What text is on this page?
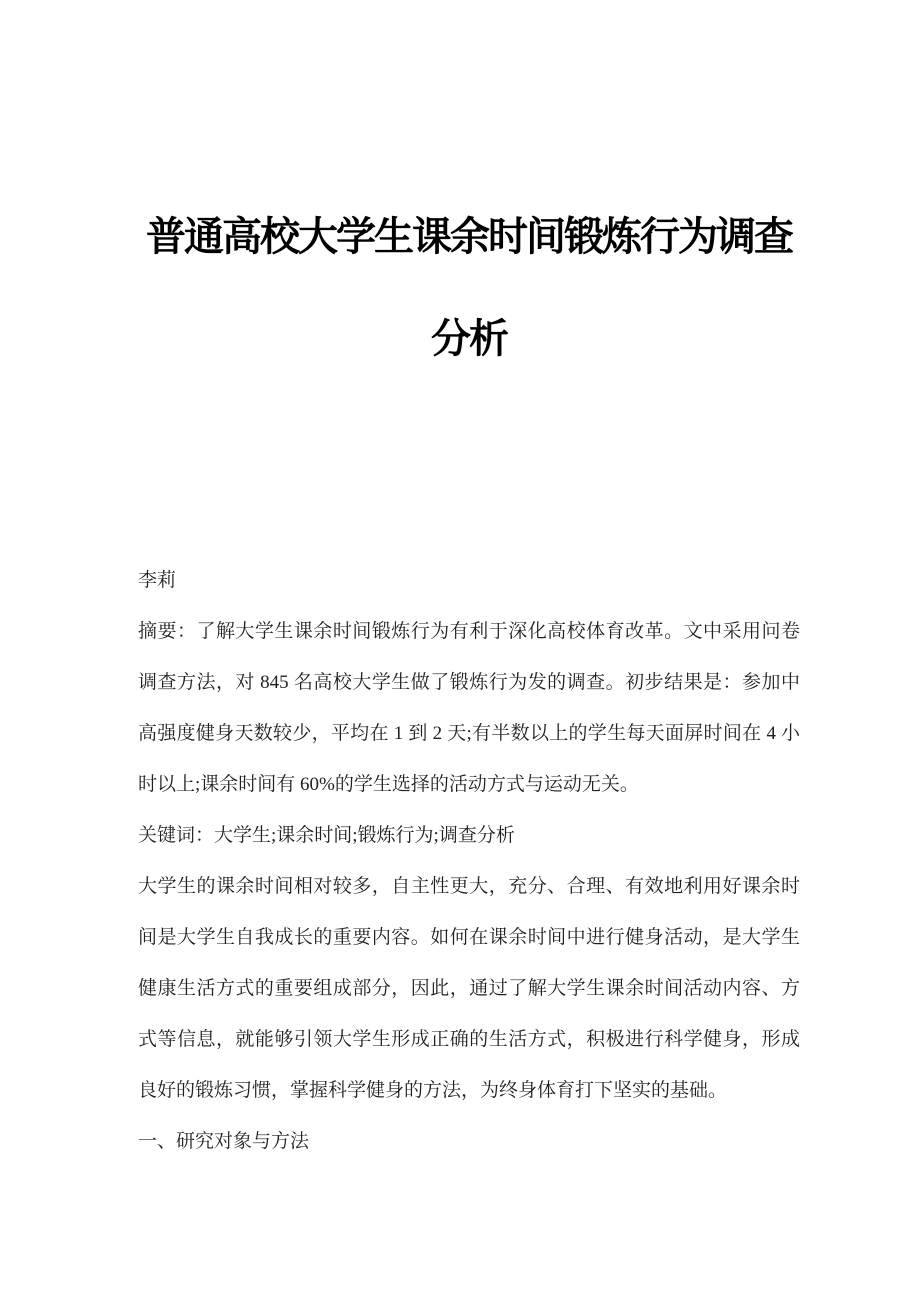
普通高校大学生课余时间锻炼行为调查分析

李莉

摘要：了解大学生课余时间锻炼行为有利于深化高校体育改革。文中采用问卷调查方法，对 845 名高校大学生做了锻炼行为发的调查。初步结果是：参加中高强度健身天数较少，平均在 1 到 2 天;有半数以上的学生每天面屏时间在 4 小时以上;课余时间有 60%的学生选择的活动方式与运动无关。

关键词：大学生;课余时间;锻炼行为;调查分析

大学生的课余时间相对较多，自主性更大，充分、合理、有效地利用好课余时间是大学生自我成长的重要内容。如何在课余时间中进行健身活动，是大学生健康生活方式的重要组成部分，因此，通过了解大学生课余时间活动内容、方式等信息，就能够引领大学生形成正确的生活方式，积极进行科学健身，形成良好的锻炼习惯，掌握科学健身的方法，为终身体育打下坚实的基础。

一、研究对象与方法
